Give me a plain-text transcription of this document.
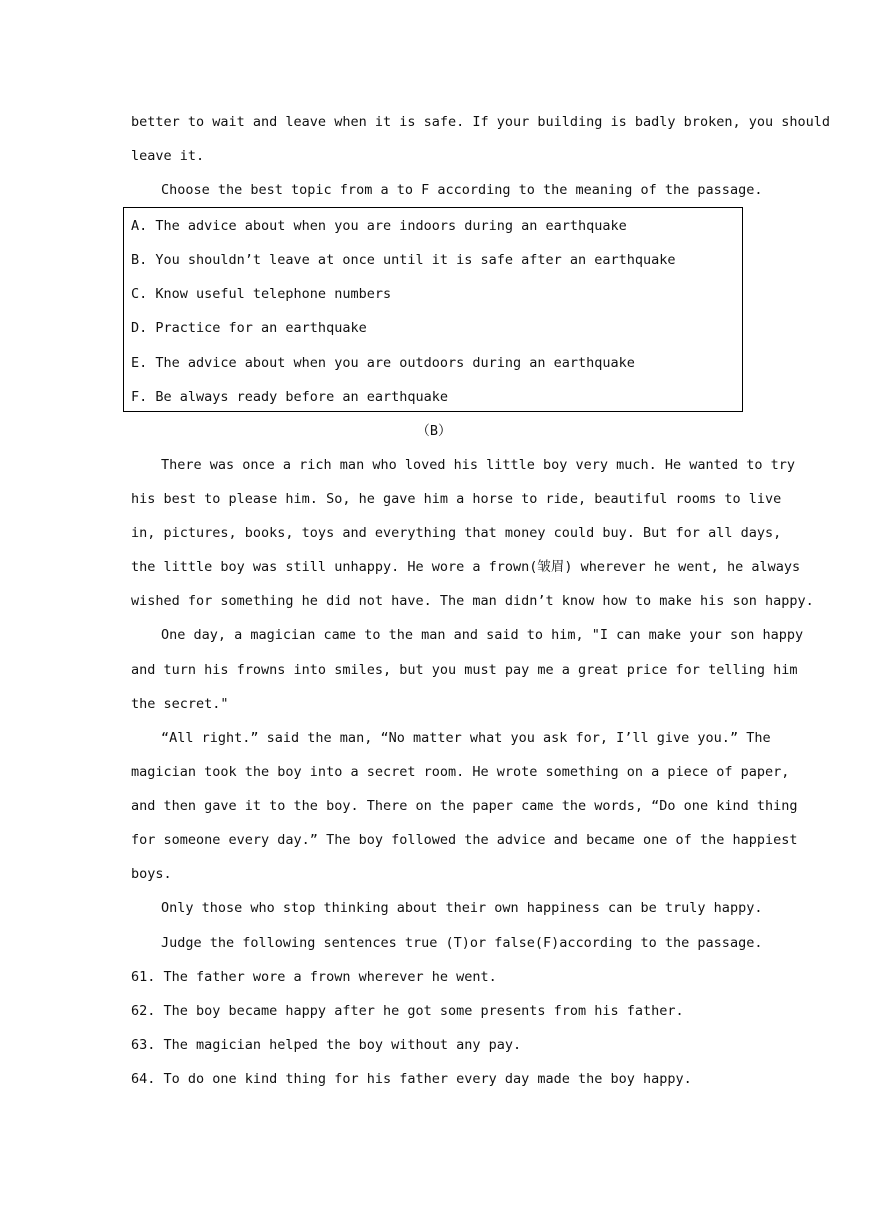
better to wait and leave when it is safe. If your building is badly broken, you should
leave it.
Choose the best topic from a to F according to the meaning of the passage.
A. The advice about when you are indoors during an earthquake
B. You shouldn’t leave at once until it is safe after an earthquake
C. Know useful telephone numbers
D. Practice for an earthquake
E. The advice about when you are outdoors during an earthquake
F. Be always ready before an earthquake
（B）
There was once a rich man who loved his little boy very much. He wanted to try
his best to please him. So, he gave him a horse to ride, beautiful rooms to live
in, pictures, books, toys and everything that money could buy. But for all days,
the little boy was still unhappy. He wore a frown(皱眉) wherever he went, he always
wished for something he did not have. The man didn’t know how to make his son happy.
One day, a magician came to the man and said to him, "I can make your son happy
and turn his frowns into smiles, but you must pay me a great price for telling him
the secret."
“All right.” said the man, “No matter what you ask for, I’ll give you.” The
magician took the boy into a secret room. He wrote something on a piece of paper,
and then gave it to the boy. There on the paper came the words, “Do one kind thing
for someone every day.” The boy followed the advice and became one of the happiest
boys.
Only those who stop thinking about their own happiness can be truly happy.
Judge the following sentences true (T)or false(F)according to the passage.
61. The father wore a frown wherever he went.
62. The boy became happy after he got some presents from his father.
63. The magician helped the boy without any pay.
64. To do one kind thing for his father every day made the boy happy.
